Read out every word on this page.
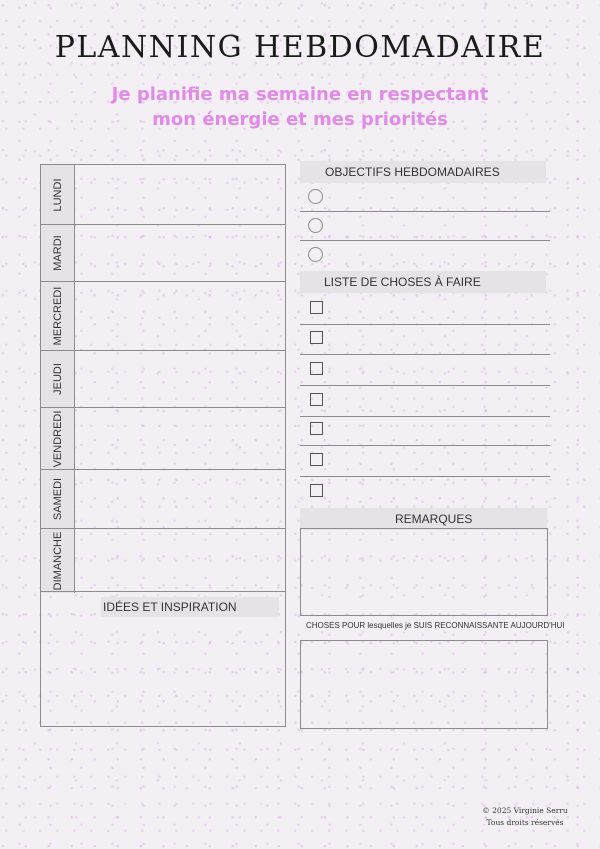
PLANNING HEBDOMADAIRE
Je planifie ma semaine en respectant
mon énergie et mes priorités
LUNDI
MARDI
MERCREDI
JEUDI
VENDREDI
SAMEDI
DIMANCHE
IDÉES ET INSPIRATION
OBJECTIFS HEBDOMADAIRES
LISTE DE CHOSES À FAIRE
REMARQUES
CHOSES POUR lesquelles je SUIS RECONNAISSANTE AUJOURD'HUI
© 2025 Virginie Serru
Tous droits réservés
